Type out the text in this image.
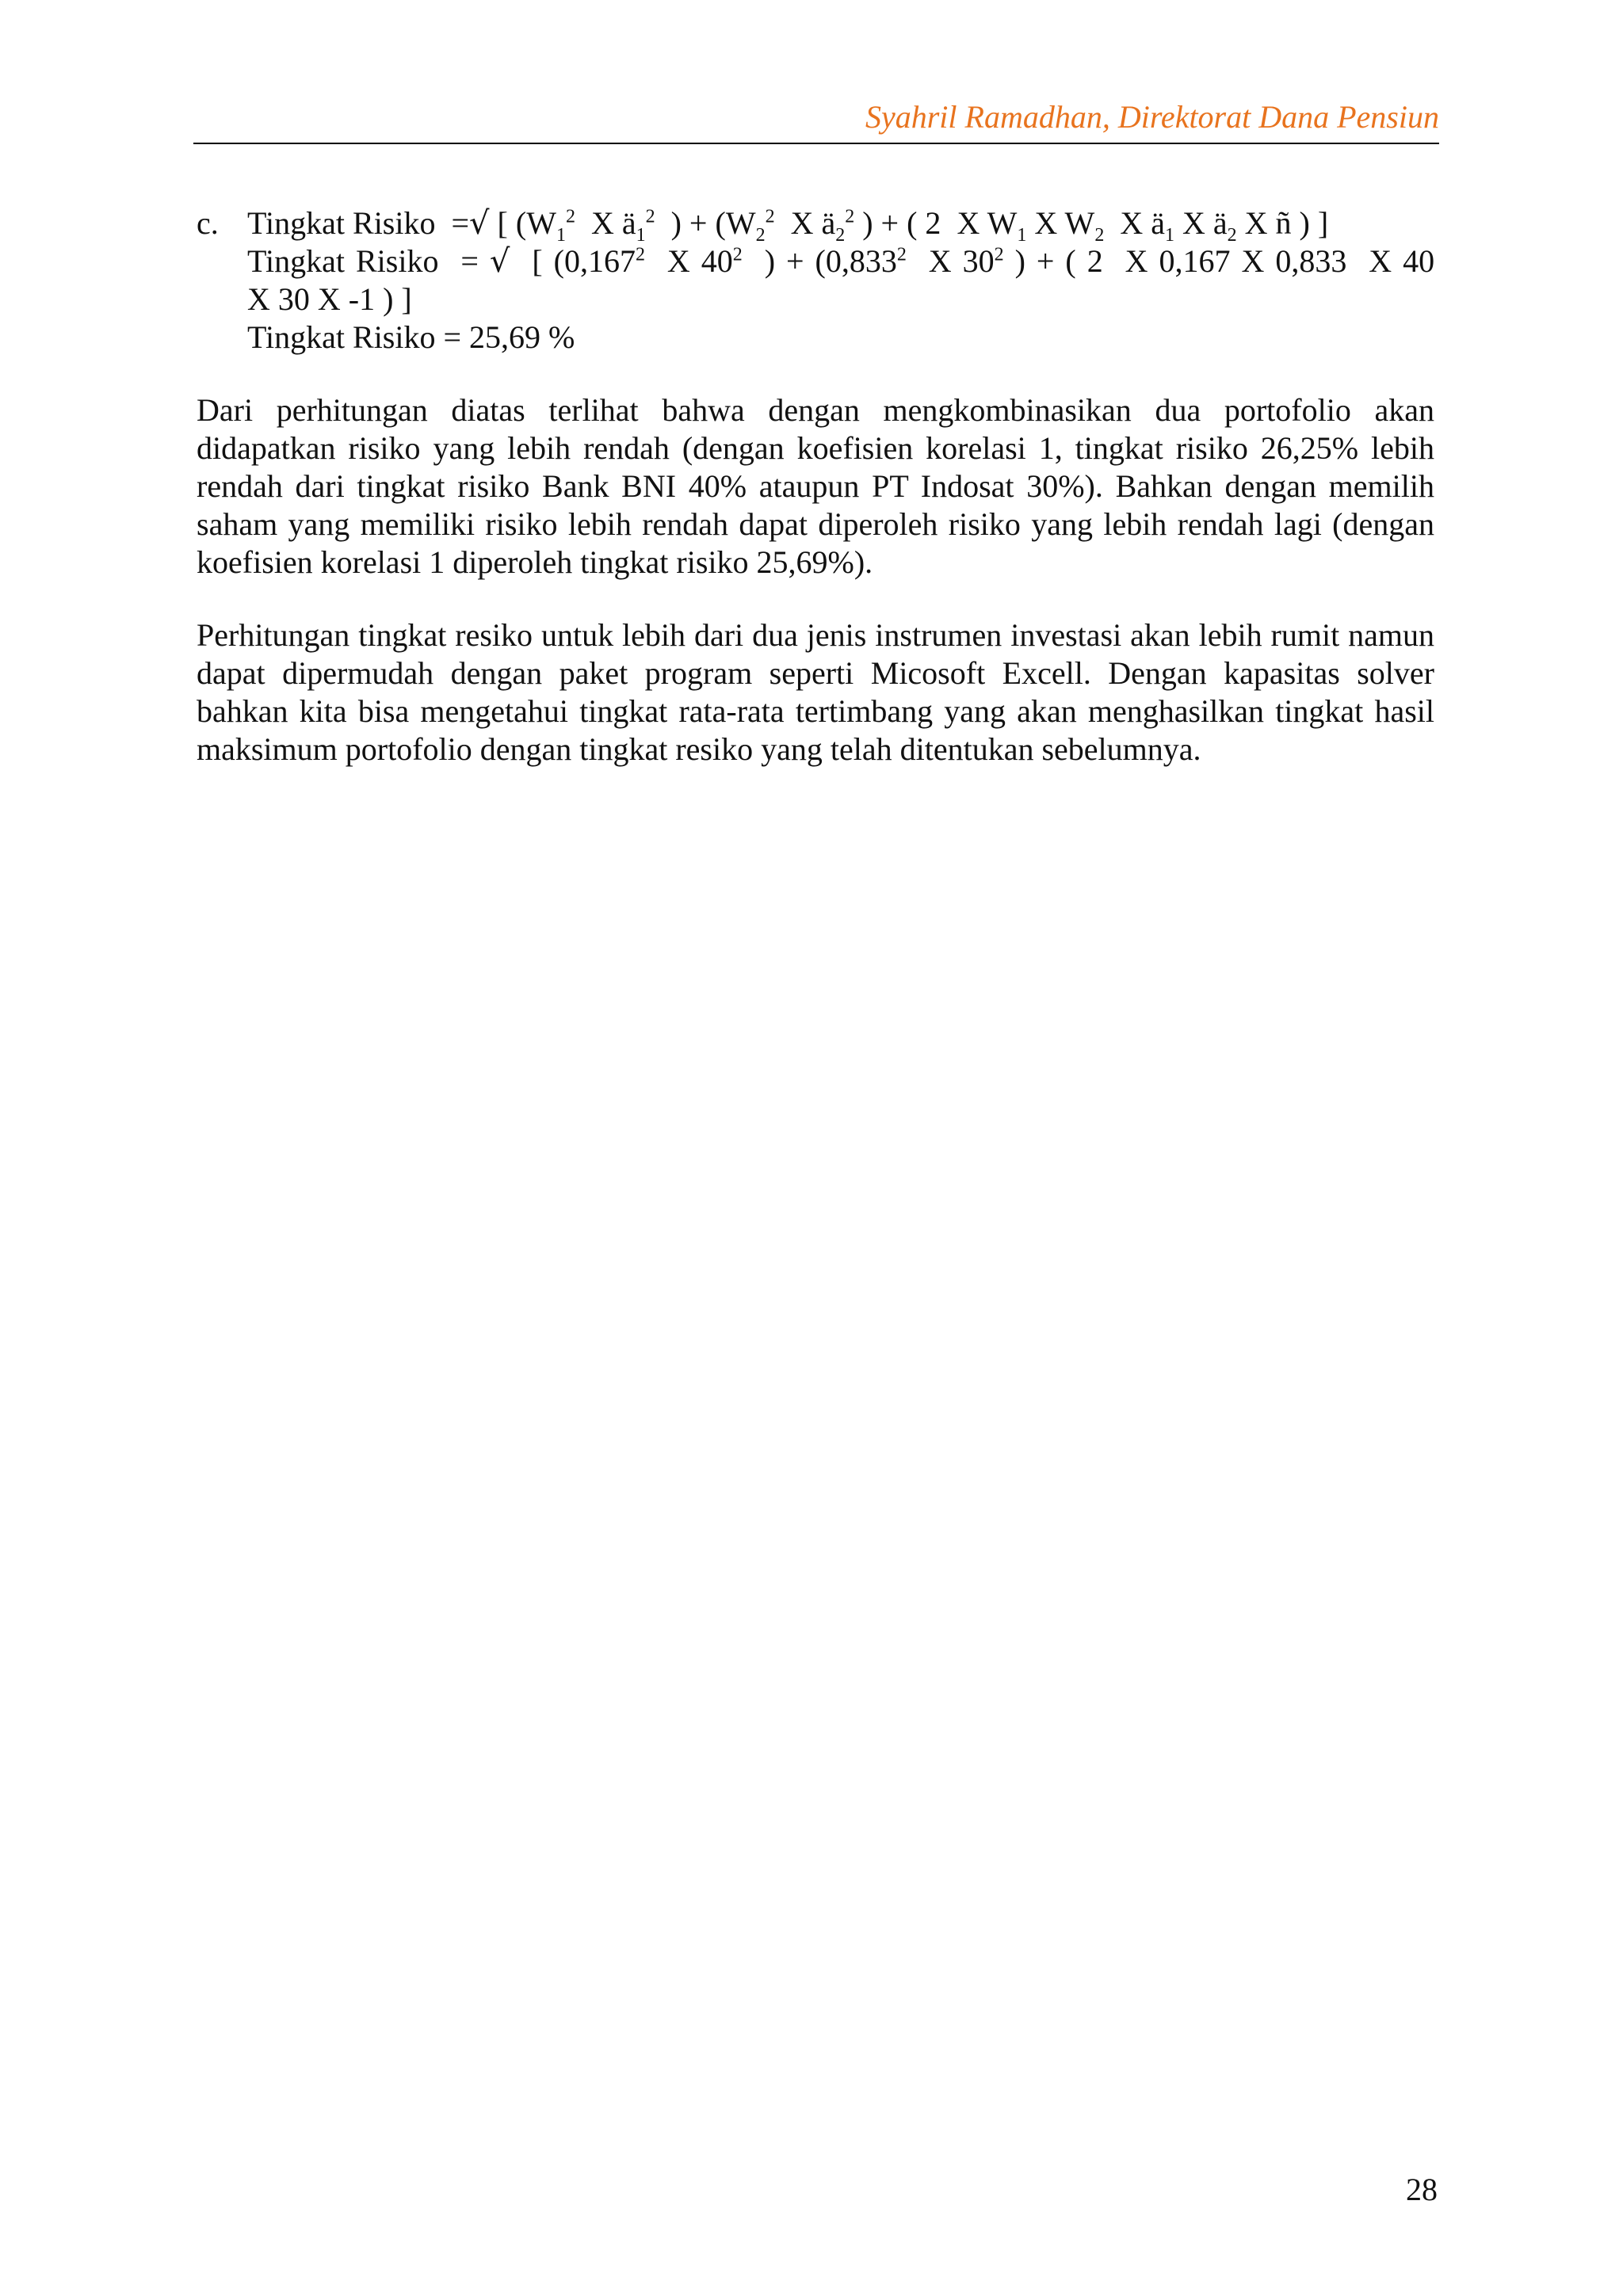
Syahril Ramadhan, Direktorat Dana Pensiun
c. Tingkat Risiko =√ [ ($W_1^2$ X $ä_1^2$ ) + ($W_2^2$ X $ä_2^2$ ) + ( 2 X $W_1$ X $W_2$ X $ä_1$ X $ä_2$ X ñ ) ]
Tingkat Risiko = √ [ (0,167$^2$ X $40^2$ ) + ($0,833^2$ X $30^2$ ) + ( 2 X 0,167 X 0,833 X 40
X 30 X -1 ) ]
Tingkat Risiko = 25,69 %

Dari perhitungan diatas terlihat bahwa dengan mengkombinasikan dua portofolio akan didapatkan risiko yang lebih rendah (dengan koefisien korelasi 1, tingkat risiko 26,25% lebih rendah dari tingkat risiko Bank BNI 40% ataupun PT Indosat 30%). Bahkan dengan memilih saham yang memiliki risiko lebih rendah dapat diperoleh risiko yang lebih rendah lagi (dengan koefisien korelasi 1 diperoleh tingkat risiko 25,69%).

Perhitungan tingkat resiko untuk lebih dari dua jenis instrumen investasi akan lebih rumit namun dapat dipermudah dengan paket program seperti Micosoft Excell. Dengan kapasitas solver bahkan kita bisa mengetahui tingkat rata-rata tertimbang yang akan menghasilkan tingkat hasil maksimum portofolio dengan tingkat resiko yang telah ditentukan sebelumnya.

28
